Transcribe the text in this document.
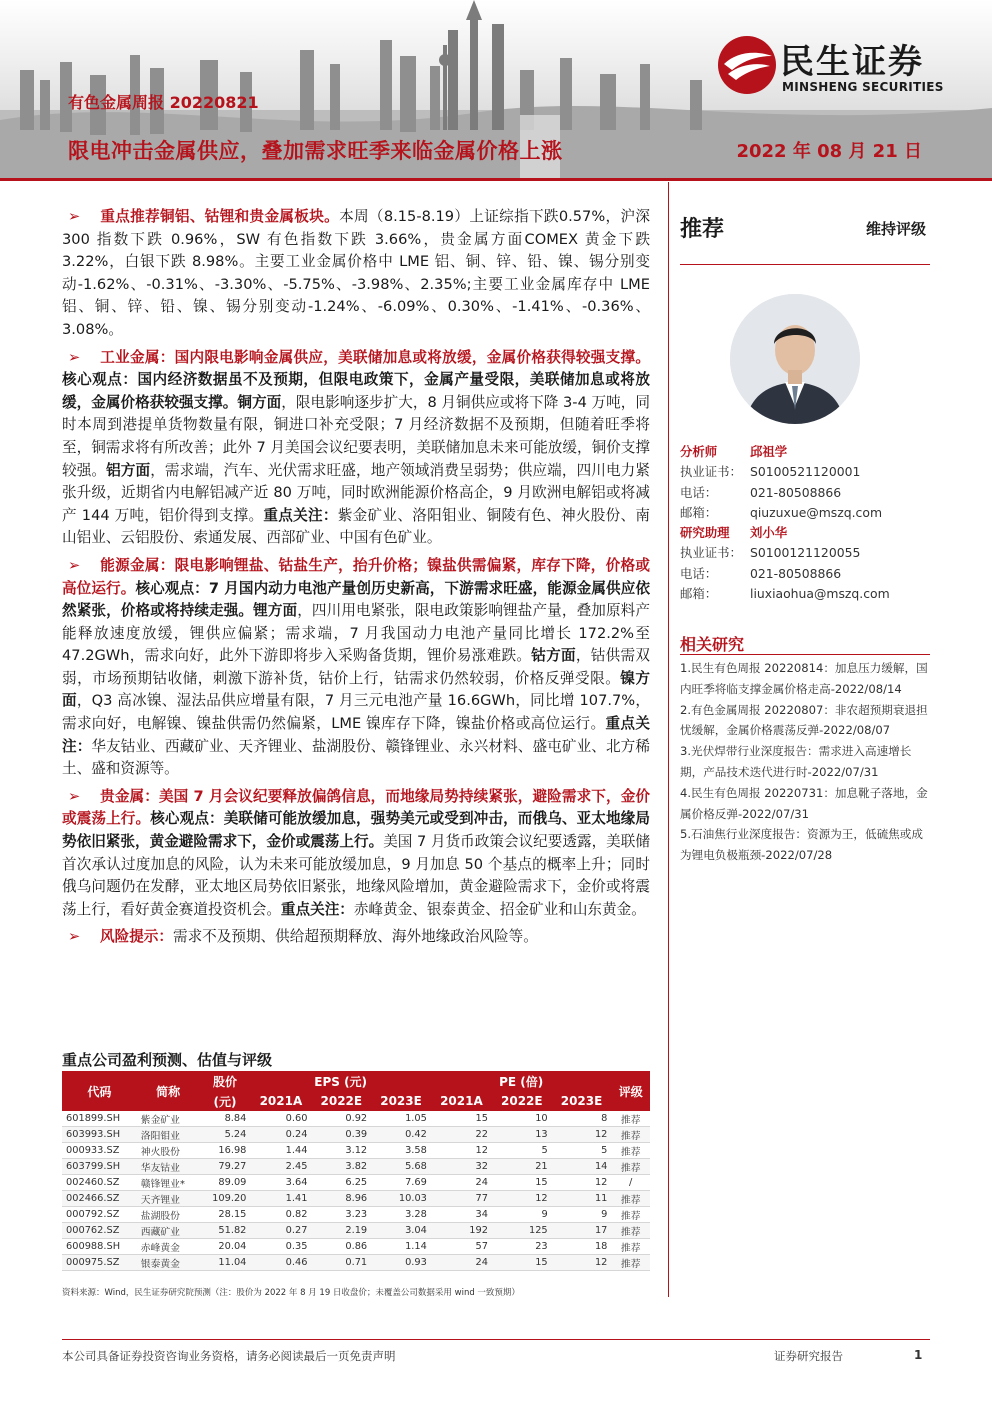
有色金属周报 20220821
限电冲击金属供应，叠加需求旺季来临金属价格上涨	2022 年 08 月 21 日
民生证券
MINSHENG SECURITIES
➢ 重点推荐铜铝、钴锂和贵金属板块。本周（8.15-8.19）上证综指下跌0.57%，沪深 300 指数下跌 0.96%，SW 有色指数下跌 3.66%，贵金属方面COMEX 黄金下跌 3.22%，白银下跌 8.98%。主要工业金属价格中 LME 铝、铜、锌、铅、镍、锡分别变动-1.62%、-0.31%、-3.30%、-5.75%、-3.98%、2.35%;主要工业金属库存中 LME 铝、铜、锌、铅、镍、锡分别变动-1.24%、-6.09%、0.30%、-1.41%、-0.36%、3.08%。
➢ 工业金属：国内限电影响金属供应，美联储加息或将放缓，金属价格获得较强支撑。核心观点：国内经济数据虽不及预期，但限电政策下，金属产量受限，美联储加息或将放缓，金属价格获较强支撑。铜方面，限电影响逐步扩大，8 月铜供应或将下降 3-4 万吨，同时本周到港提单货物数量有限，铜进口补充受限；7 月经济数据不及预期，但随着旺季将至，铜需求将有所改善；此外 7 月美国会议纪要表明，美联储加息未来可能放缓，铜价支撑较强。铝方面，需求端，汽车、光伏需求旺盛，地产领域消费呈弱势；供应端，四川电力紧张升级，近期省内电解铝减产近 80 万吨，同时欧洲能源价格高企，9 月欧洲电解铝或将减产 144 万吨，铝价得到支撑。重点关注：紫金矿业、洛阳钼业、铜陵有色、神火股份、南山铝业、云铝股份、索通发展、西部矿业、中国有色矿业。
➢ 能源金属：限电影响锂盐、钴盐生产，抬升价格；镍盐供需偏紧，库存下降，价格或高位运行。核心观点：7 月国内动力电池产量创历史新高，下游需求旺盛，能源金属供应依然紧张，价格或将持续走强。锂方面，四川用电紧张，限电政策影响锂盐产量，叠加原料产能释放速度放缓，锂供应偏紧；需求端，7 月我国动力电池产量同比增长 172.2%至 47.2GWh，需求向好，此外下游即将步入采购备货期，锂价易涨难跌。钴方面，钴供需双弱，市场预期钴收储，刺激下游补货，钴价上行，钴需求仍然较弱，价格反弹受限。镍方面，Q3 高冰镍、湿法品供应增量有限，7 月三元电池产量 16.6GWh，同比增 107.7%，需求向好，电解镍、镍盐供需仍然偏紧，LME 镍库存下降，镍盐价格或高位运行。重点关注：华友钴业、西藏矿业、天齐锂业、盐湖股份、赣锋锂业、永兴材料、盛屯矿业、北方稀土、盛和资源等。
➢ 贵金属：美国 7 月会议纪要释放偏鸽信息，而地缘局势持续紧张，避险需求下，金价或震荡上行。核心观点：美联储可能放缓加息，强势美元或受到冲击，而俄乌、亚太地缘局势依旧紧张，黄金避险需求下，金价或震荡上行。美国 7 月货币政策会议纪要透露，美联储首次承认过度加息的风险，认为未来可能放缓加息，9 月加息 50 个基点的概率上升；同时俄乌问题仍在发酵，亚太地区局势依旧紧张，地缘风险增加，黄金避险需求下，金价或将震荡上行，看好黄金赛道投资机会。重点关注：赤峰黄金、银泰黄金、招金矿业和山东黄金。
➢ 风险提示：需求不及预期、供给超预期释放、海外地缘政治风险等。
重点公司盈利预测、估值与评级
代码	简称	股价	EPS (元)			PE (倍)			评级
		(元)	2021A	2022E	2023E	2021A	2022E	2023E	
601899.SH	紫金矿业	8.84	0.60	0.92	1.05	15	10	8	推荐
603993.SH	洛阳钼业	5.24	0.24	0.39	0.42	22	13	12	推荐
000933.SZ	神火股份	16.98	1.44	3.12	3.58	12	5	5	推荐
603799.SH	华友钴业	79.27	2.45	3.82	5.68	32	21	14	推荐
002460.SZ	赣锋锂业*	89.09	3.64	6.25	7.69	24	15	12	/
002466.SZ	天齐锂业	109.20	1.41	8.96	10.03	77	12	11	推荐
000792.SZ	盐湖股份	28.15	0.82	3.23	3.28	34	9	9	推荐
000762.SZ	西藏矿业	51.82	0.27	2.19	3.04	192	125	17	推荐
600988.SH	赤峰黄金	20.04	0.35	0.86	1.14	57	23	18	推荐
000975.SZ	银泰黄金	11.04	0.46	0.71	0.93	24	15	12	推荐
资料来源：Wind，民生证券研究院预测（注：股价为 2022 年 8 月 19 日收盘价；未覆盖公司数据采用 wind 一致预期）
推荐	维持评级
分析师	邱祖学
执业证书： S0100521120001
电话：	021-80508866
邮箱：	qiuzuxue@mszq.com
研究助理	刘小华
执业证书： S0100121120055
电话：	021-80508866
邮箱：	liuxiaohua@mszq.com
相关研究
1.民生有色周报 20220814：加息压力缓解，国内旺季将临支撑金属价格走高-2022/08/14
2.有色金属周报 20220807：非农超预期衰退担忧缓解，金属价格震荡反弹-2022/08/07
3.光伏焊带行业深度报告：需求进入高速增长期，产品技术迭代进行时-2022/07/31
4.民生有色周报 20220731：加息靴子落地，金属价格反弹-2022/07/31
5.石油焦行业深度报告：资源为王，低硫焦或成为锂电负极瓶颈-2022/07/28
本公司具备证券投资咨询业务资格，请务必阅读最后一页免责声明	证券研究报告	1
